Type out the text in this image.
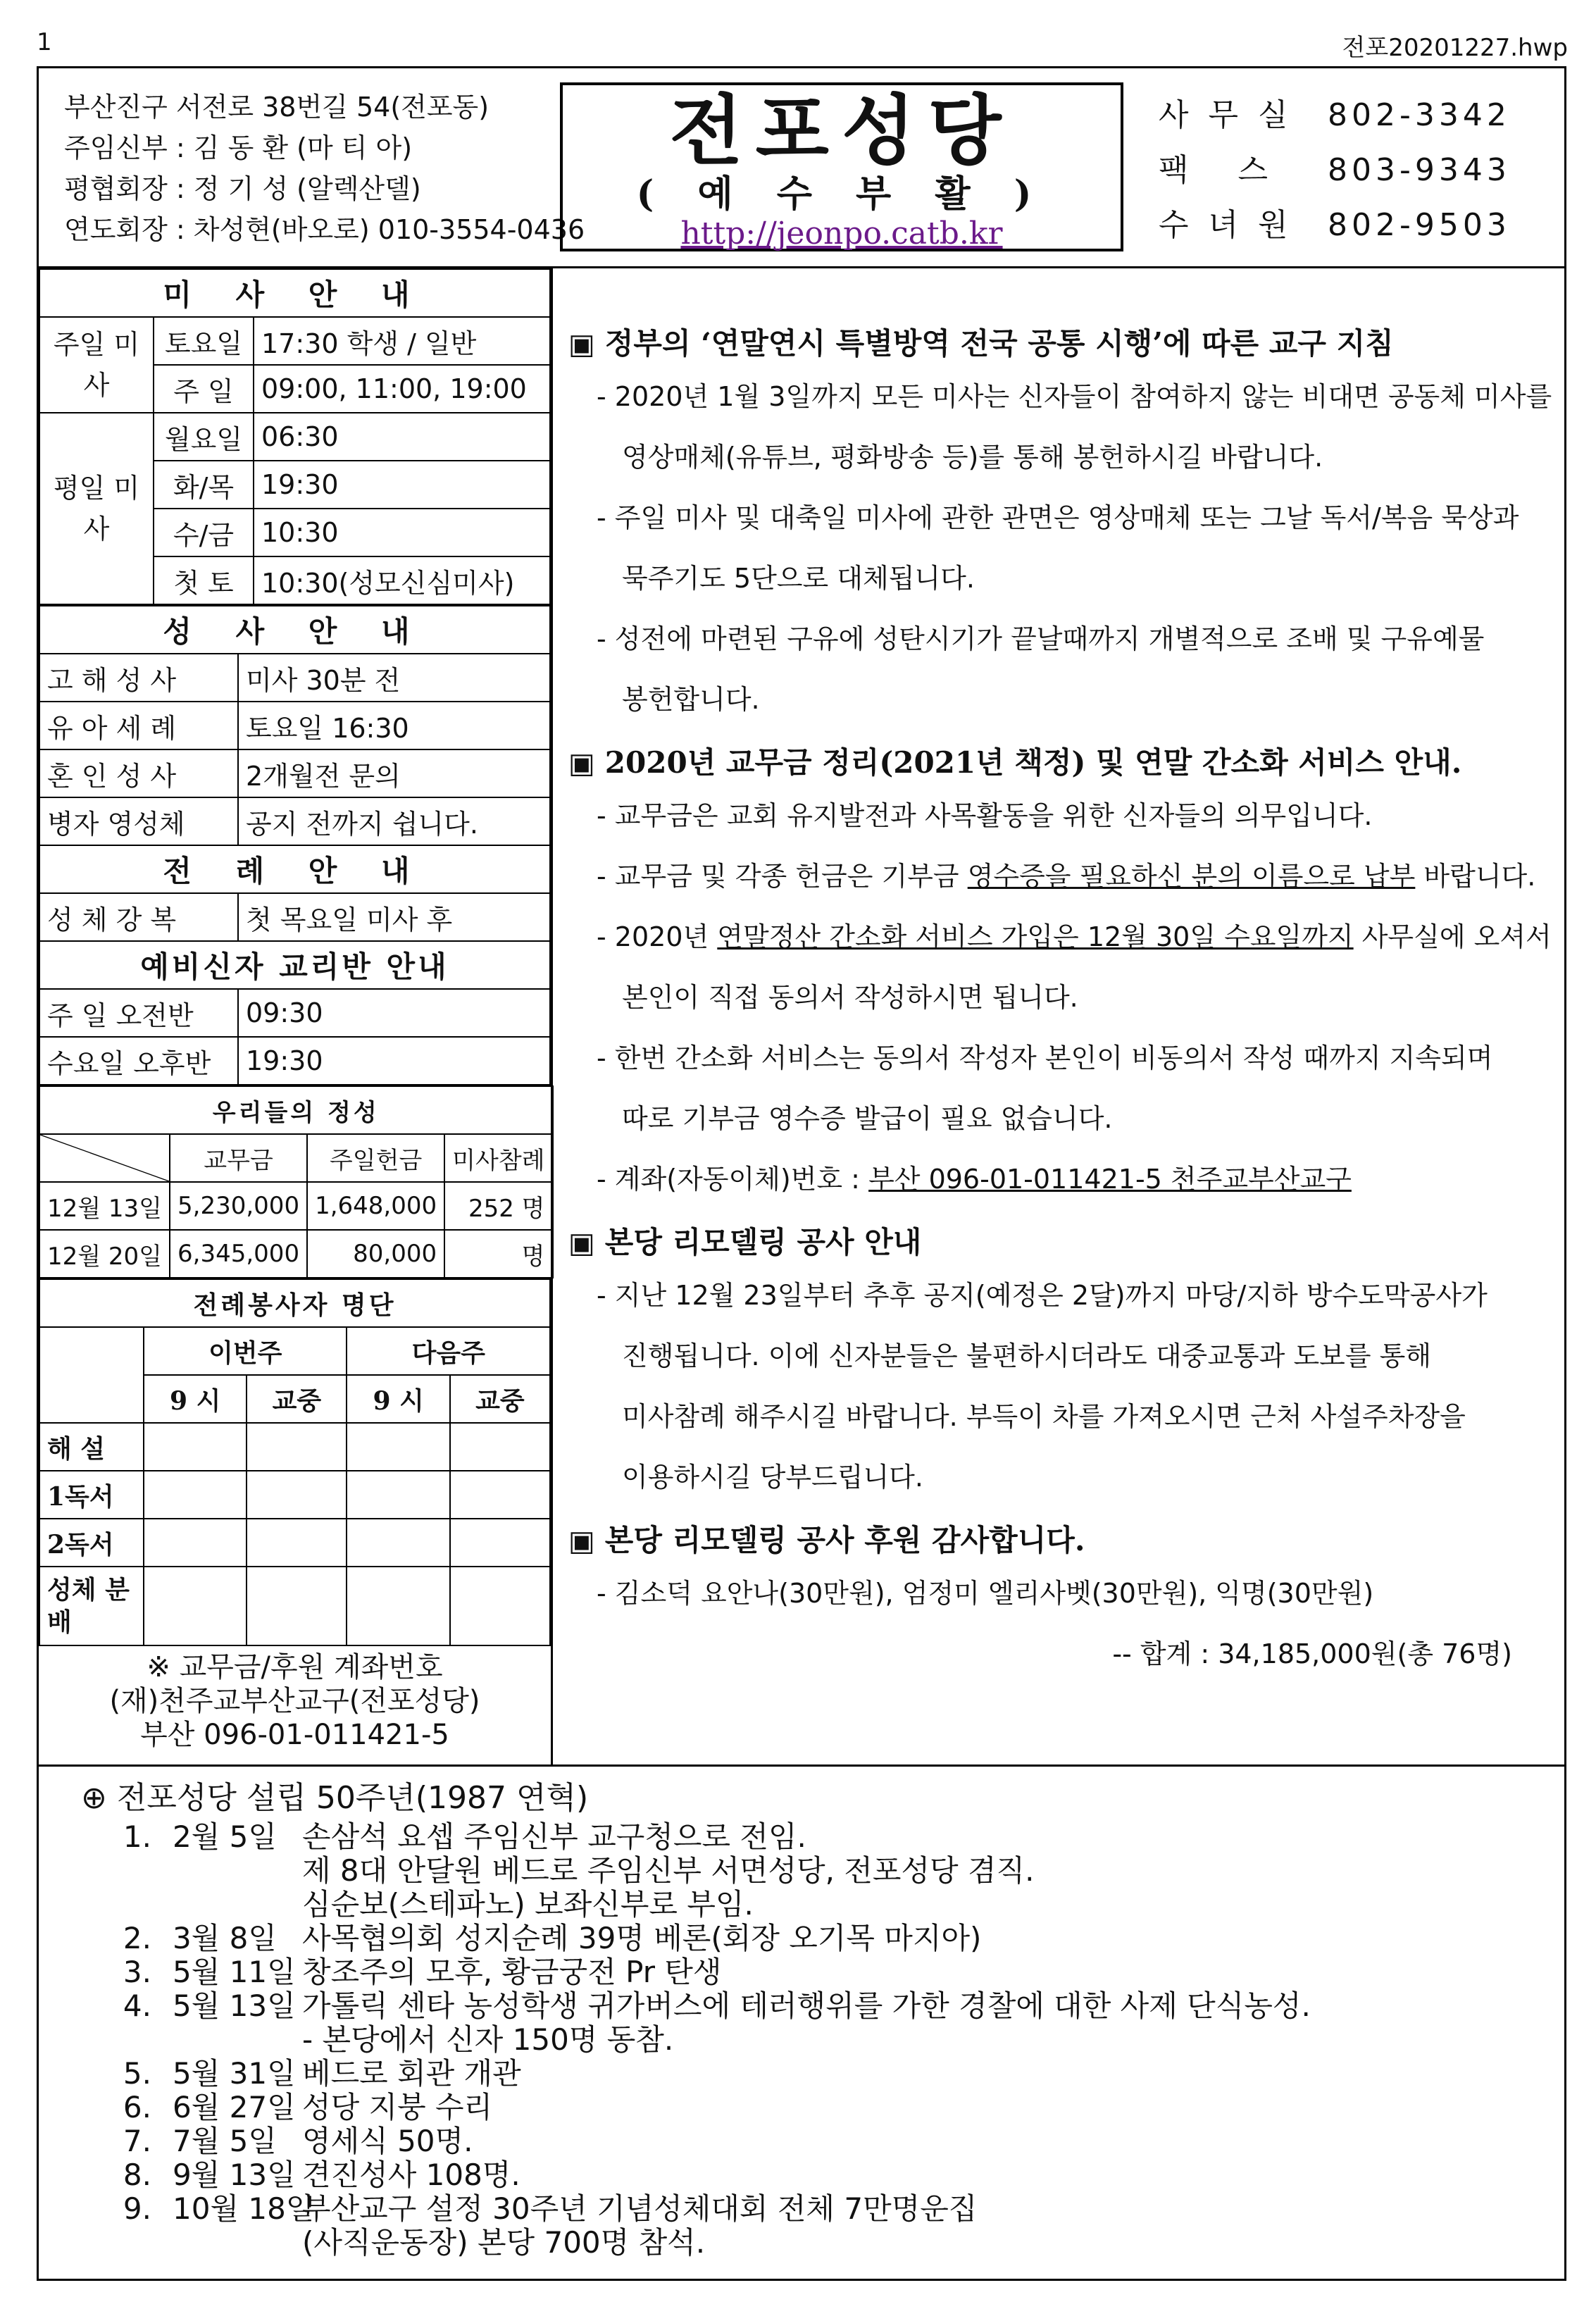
1	전포20201227.hwp
부산진구 서전로 38번길 54(전포동)
주임신부 : 김 동 환 (마 티 아)
평협회장 : 정 기 성 (알렉산델)
연도회장 : 차성현(바오로) 010-3554-0436
전포성당
( 예 수 부 활 )
http://jeonpo.catb.kr
사무실 802-3342
팩 스 803-9343
수녀원 802-9503
미 사 안 내		
주일 미사	토요일	17:30 학생 / 일반
	주 일	09:00, 11:00, 19:00
평일 미사	월요일	06:30
	화/목	19:30
	수/금	10:30
	첫 토	10:30(성모신심미사)
성 사 안 내	
고 해 성 사	미사 30분 전
유 아 세 례	토요일 16:30
혼 인 성 사	2개월전 문의
병자 영성체	공지 전까지 쉽니다.
전 례 안 내	
성 체 강 복	첫 목요일 미사 후
예비신자 교리반 안내	
주 일 오전반	09:30
수요일 오후반	19:30
우리들의 정성			

	교무금	주일헌금	미사참례
12월 13일	5,230,000	1,648,000	252 명
12월 20일	6,345,000	80,000	명
전례봉사자 명단				
	이번주		다음주	
	9 시	교중	9 시	교중
해 설				
1독서				
2독서				
성체 분배				
※ 교무금/후원 계좌번호
(재)천주교부산교구(전포성당)
부산 096-01-011421-5
▣ 정부의 ‘연말연시 특별방역 전국 공통 시행’에 따른 교구 지침
- 2020년 1월 3일까지 모든 미사는 신자들이 참여하지 않는 비대면 공동체 미사를
영상매체(유튜브, 평화방송 등)를 통해 봉헌하시길 바랍니다.
- 주일 미사 및 대축일 미사에 관한 관면은 영상매체 또는 그날 독서/복음 묵상과
묵주기도 5단으로 대체됩니다.
- 성전에 마련된 구유에 성탄시기가 끝날때까지 개별적으로 조배 및 구유예물
봉헌합니다.
▣ 2020년 교무금 정리(2021년 책정) 및 연말 간소화 서비스 안내.
- 교무금은 교회 유지발전과 사목활동을 위한 신자들의 의무입니다.
- 교무금 및 각종 헌금은 기부금 영수증을 필요하신 분의 이름으로 납부 바랍니다.
- 2020년 연말정산 간소화 서비스 가입은 12월 30일 수요일까지 사무실에 오셔서
본인이 직접 동의서 작성하시면 됩니다.
- 한번 간소화 서비스는 동의서 작성자 본인이 비동의서 작성 때까지 지속되며
따로 기부금 영수증 발급이 필요 없습니다.
- 계좌(자동이체)번호 : 부산 096-01-011421-5 천주교부산교구
▣ 본당 리모델링 공사 안내
- 지난 12월 23일부터 추후 공지(예정은 2달)까지 마당/지하 방수도막공사가
진행됩니다. 이에 신자분들은 불편하시더라도 대중교통과 도보를 통해
미사참례 해주시길 바랍니다. 부득이 차를 가져오시면 근처 사설주차장을
이용하시길 당부드립니다.
▣ 본당 리모델링 공사 후원 감사합니다.
- 김소덕 요안나(30만원), 엄정미 엘리사벳(30만원), 익명(30만원)
-- 합계 : 34,185,000원(총 76명)
⊕ 전포성당 설립 50주년(1987 연혁)
1. 2월 5일 손삼석 요셉 주임신부 교구청으로 전임.
제 8대 안달원 베드로 주임신부 서면성당, 전포성당 겸직.
심순보(스테파노) 보좌신부로 부임.
2. 3월 8일 사목협의회 성지순례 39명 베론(회장 오기목 마지아)
3. 5월 11일 창조주의 모후, 황금궁전 Pr 탄생
4. 5월 13일 가톨릭 센타 농성학생 귀가버스에 테러행위를 가한 경찰에 대한 사제 단식농성.
- 본당에서 신자 150명 동참.
5. 5월 31일 베드로 회관 개관
6. 6월 27일 성당 지붕 수리
7. 7월 5일 영세식 50명.
8. 9월 13일 견진성사 108명.
9. 10월 18일
부산교구 설정 30주년 기념성체대회 전체 7만명운집
(사직운동장) 본당 700명 참석.
